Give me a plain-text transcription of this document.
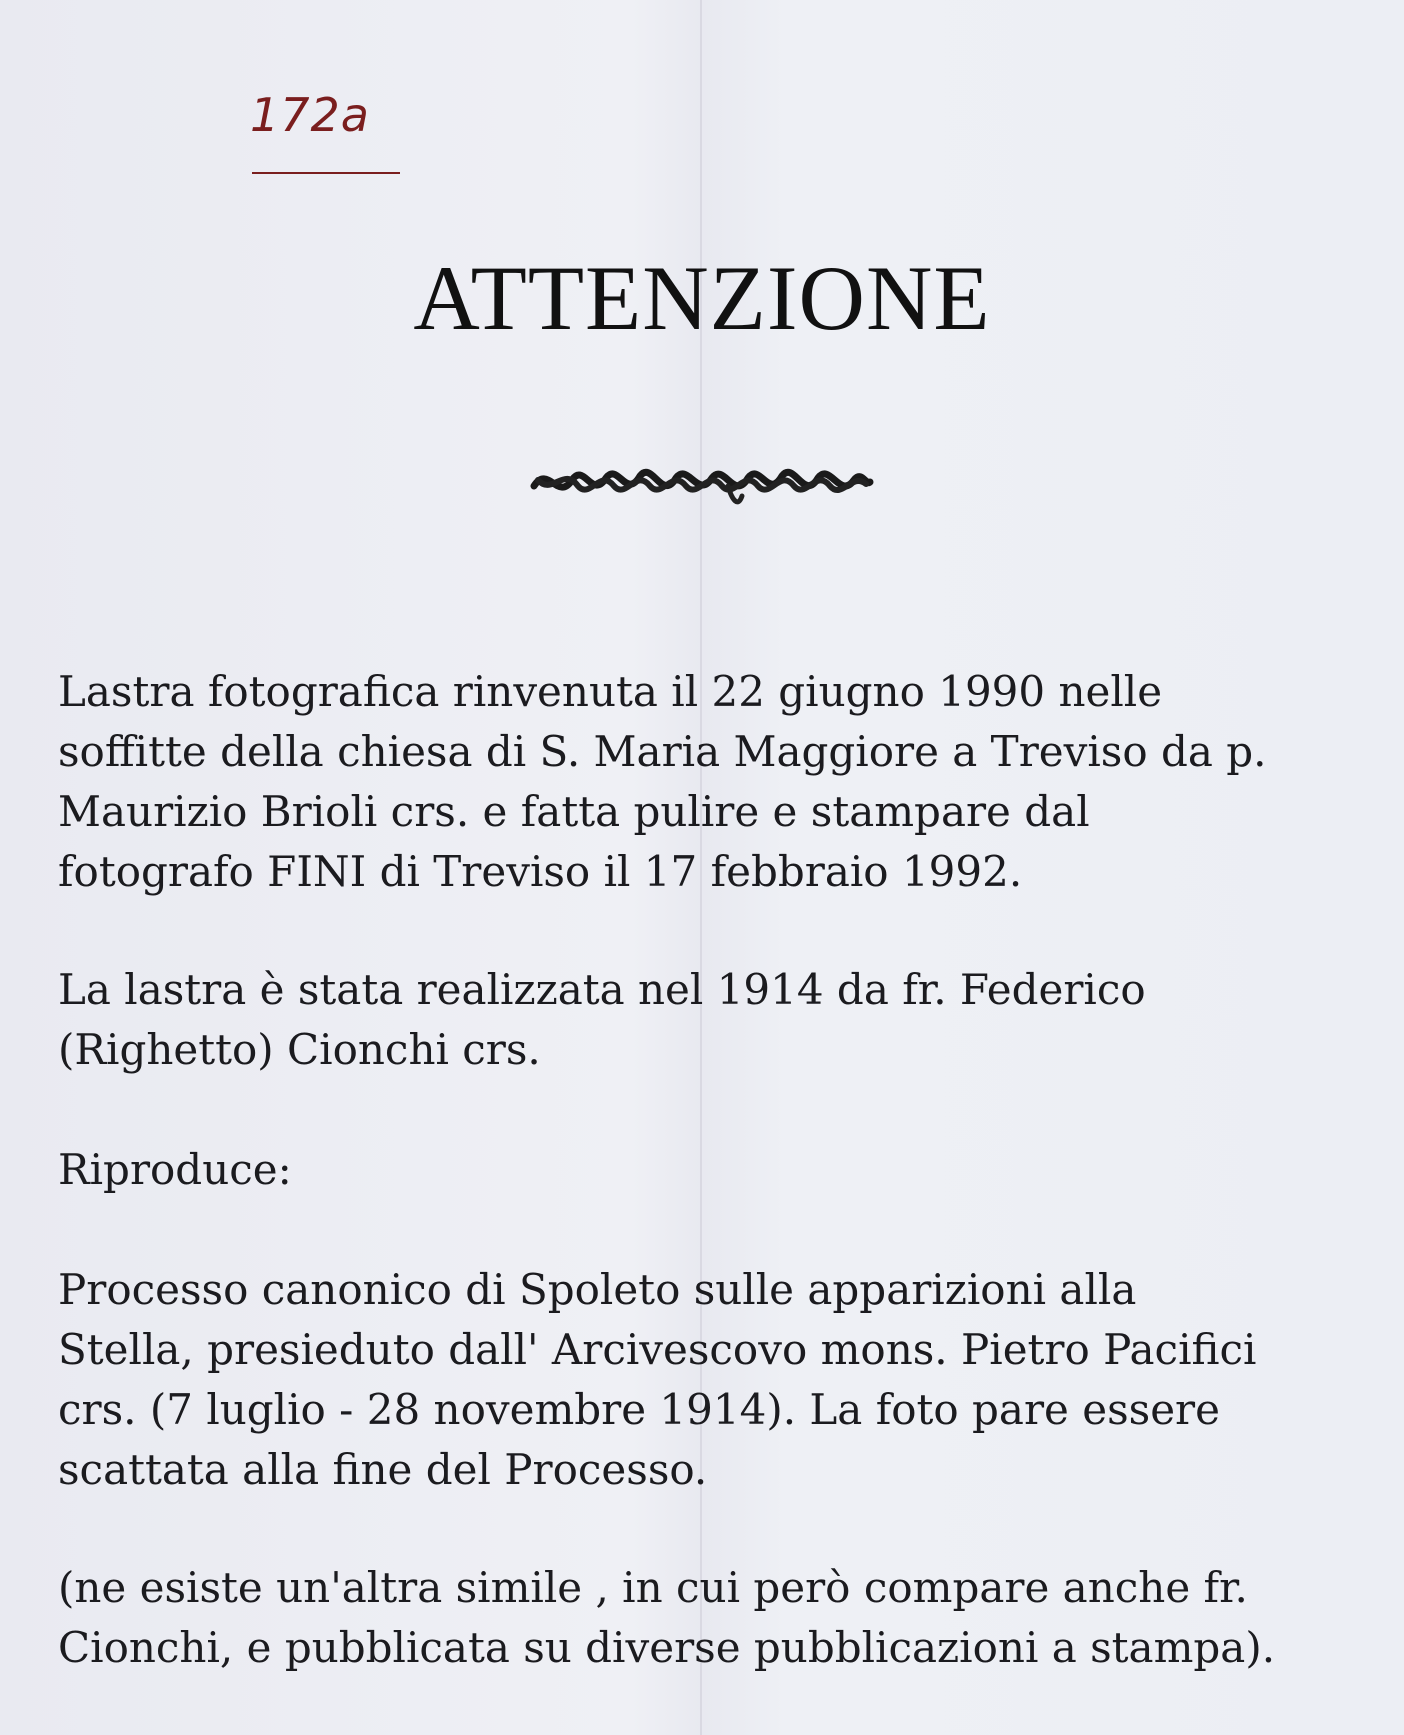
172a
ATTENZIONE

Lastra fotografica rinvenuta il 22 giugno 1990 nelle
soffitte della chiesa di S. Maria Maggiore a Treviso da p.
Maurizio Brioli crs. e fatta pulire e stampare dal
fotografo FINI di Treviso il 17 febbraio 1992.

La lastra è stata realizzata nel 1914 da fr. Federico
(Righetto) Cionchi crs.

Riproduce:

Processo canonico di Spoleto sulle apparizioni alla
Stella, presieduto dall' Arcivescovo mons. Pietro Pacifici
crs. (7 luglio - 28 novembre 1914). La foto pare essere
scattata alla fine del Processo.

(ne esiste un'altra simile , in cui però compare anche fr.
Cionchi, e pubblicata su diverse pubblicazioni a stampa).
